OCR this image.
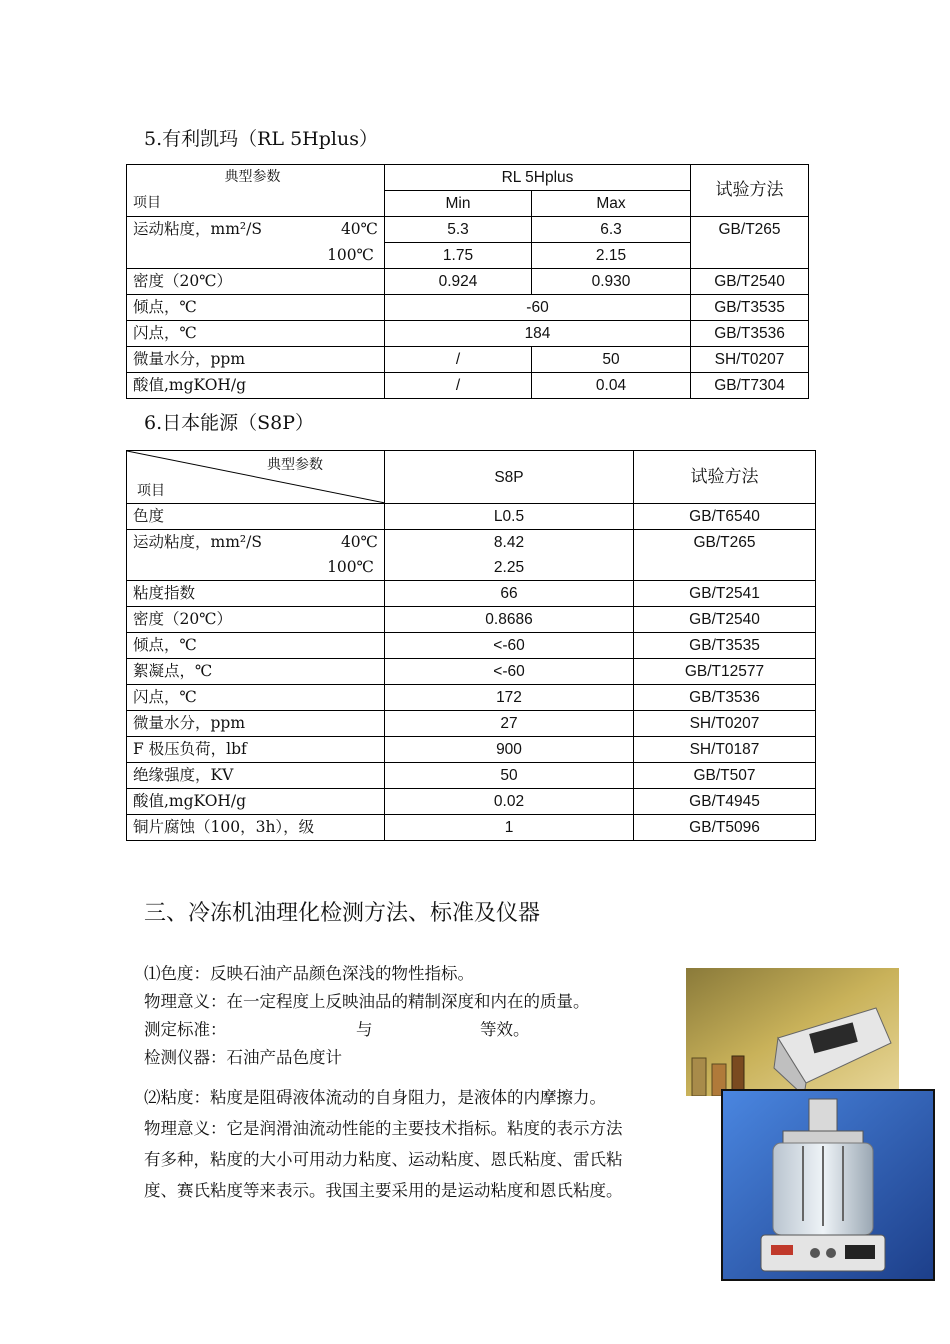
5.有利凯玛（RL 5Hplus）
典型参数	RL 5Hplus		试验方法
项目	Min	Max	

运动粘度，mm²/S 40℃	5.3	6.3	GB/T265
100℃	1.75	2.15	
密度（20℃）	0.924	0.930	GB/T2540
倾点，℃	-60		GB/T3535
闪点，℃	184		GB/T3536
微量水分，ppm	/	50	SH/T0207
酸值,mgKOH/g	/	0.04	GB/T7304
6.日本能源（S8P）
典型参数
项目	S8P	试验方法
色度	L0.5	GB/T6540

运动粘度，mm²/S 40℃	8.42	GB/T265
100℃	2.25	
粘度指数	66	GB/T2541
密度（20℃）	0.8686	GB/T2540
倾点，℃	<-60	GB/T3535
絮凝点，℃	<-60	GB/T12577
闪点，℃	172	GB/T3536
微量水分，ppm	27	SH/T0207
F 极压负荷，lbf	900	SH/T0187
绝缘强度，KV	50	GB/T507
酸值,mgKOH/g	0.02	GB/T4945
铜片腐蚀（100，3h），级	1	GB/T5096
三、冷冻机油理化检测方法、标准及仪器
⑴色度：反映石油产品颜色深浅的物性指标。
物理意义：在一定程度上反映油品的精制深度和内在的质量。
测定标准：	与	等效。
检测仪器：石油产品色度计
⑵粘度：粘度是阻碍液体流动的自身阻力，是液体的内摩擦力。
物理意义：它是润滑油流动性能的主要技术指标。粘度的表示方法
有多种，粘度的大小可用动力粘度、运动粘度、恩氏粘度、雷氏粘
度、赛氏粘度等来表示。我国主要采用的是运动粘度和恩氏粘度。
